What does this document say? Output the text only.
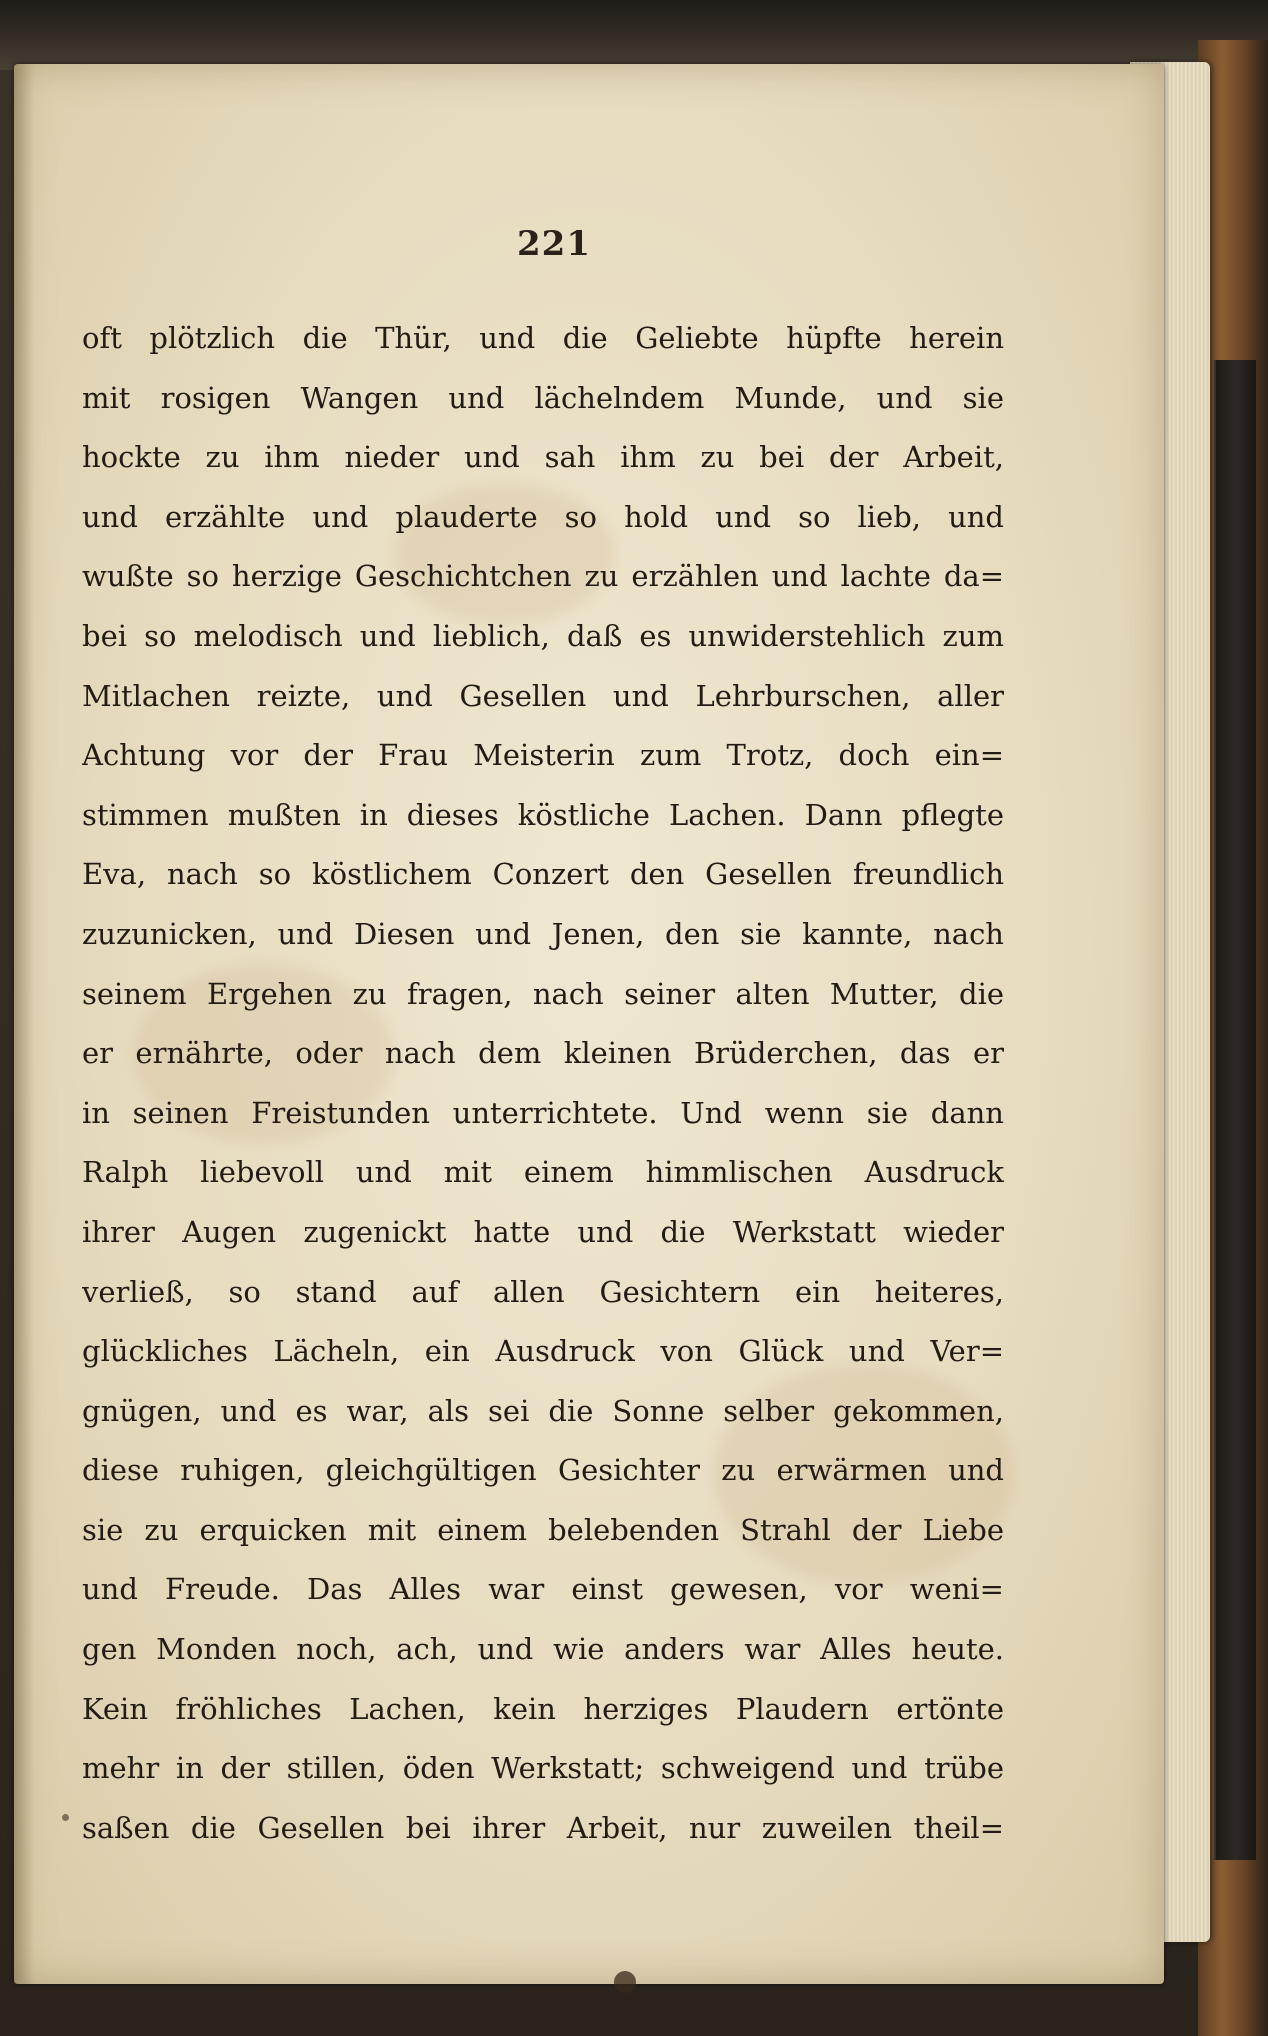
221
oft plötzlich die Thür, und die Geliebte hüpfte herein
mit rosigen Wangen und lächelndem Munde, und sie
hockte zu ihm nieder und sah ihm zu bei der Arbeit,
und erzählte und plauderte so hold und so lieb, und
wußte so herzige Geschichtchen zu erzählen und lachte da=
bei so melodisch und lieblich, daß es unwiderstehlich zum
Mitlachen reizte, und Gesellen und Lehrburschen, aller
Achtung vor der Frau Meisterin zum Trotz, doch ein=
stimmen mußten in dieses köstliche Lachen. Dann pflegte
Eva, nach so köstlichem Conzert den Gesellen freundlich
zuzunicken, und Diesen und Jenen, den sie kannte, nach
seinem Ergehen zu fragen, nach seiner alten Mutter, die
er ernährte, oder nach dem kleinen Brüderchen, das er
in seinen Freistunden unterrichtete. Und wenn sie dann
Ralph liebevoll und mit einem himmlischen Ausdruck
ihrer Augen zugenickt hatte und die Werkstatt wieder
verließ, so stand auf allen Gesichtern ein heiteres,
glückliches Lächeln, ein Ausdruck von Glück und Ver=
gnügen, und es war, als sei die Sonne selber gekommen,
diese ruhigen, gleichgültigen Gesichter zu erwärmen und
sie zu erquicken mit einem belebenden Strahl der Liebe
und Freude. Das Alles war einst gewesen, vor weni=
gen Monden noch, ach, und wie anders war Alles heute.
Kein fröhliches Lachen, kein herziges Plaudern ertönte
mehr in der stillen, öden Werkstatt; schweigend und trübe
saßen die Gesellen bei ihrer Arbeit, nur zuweilen theil=
